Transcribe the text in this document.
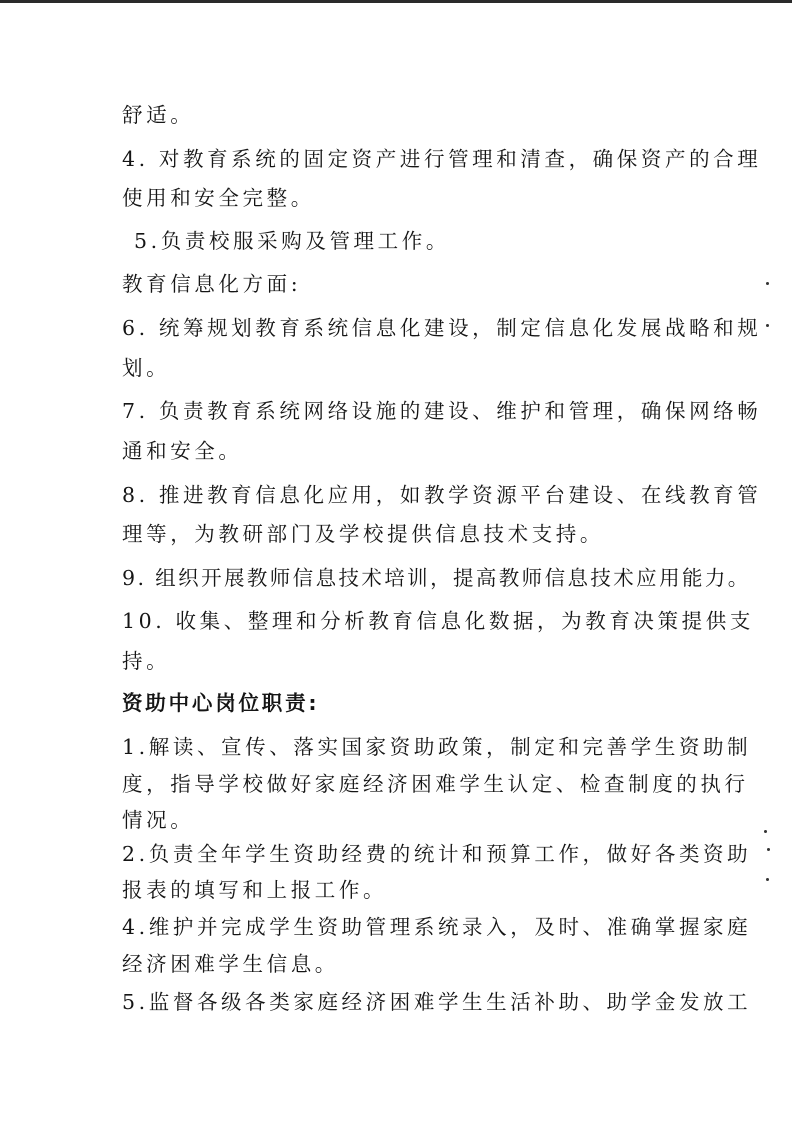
舒适。
4. 对教育系统的固定资产进行管理和清查，确保资产的合理
使用和安全完整。
5.负责校服采购及管理工作。
教育信息化方面:
6. 统筹规划教育系统信息化建设，制定信息化发展战略和规
划。
7. 负责教育系统网络设施的建设、维护和管理，确保网络畅
通和安全。
8. 推进教育信息化应用，如教学资源平台建设、在线教育管
理等，为教研部门及学校提供信息技术支持。
9. 组织开展教师信息技术培训，提高教师信息技术应用能力。
10. 收集、整理和分析教育信息化数据，为教育决策提供支
持。
资助中心岗位职责:
1.解读、宣传、落实国家资助政策，制定和完善学生资助制
度，指导学校做好家庭经济困难学生认定、检查制度的执行
情况。
2.负责全年学生资助经费的统计和预算工作，做好各类资助
报表的填写和上报工作。
4.维护并完成学生资助管理系统录入，及时、准确掌握家庭
经济困难学生信息。
5.监督各级各类家庭经济困难学生生活补助、助学金发放工
